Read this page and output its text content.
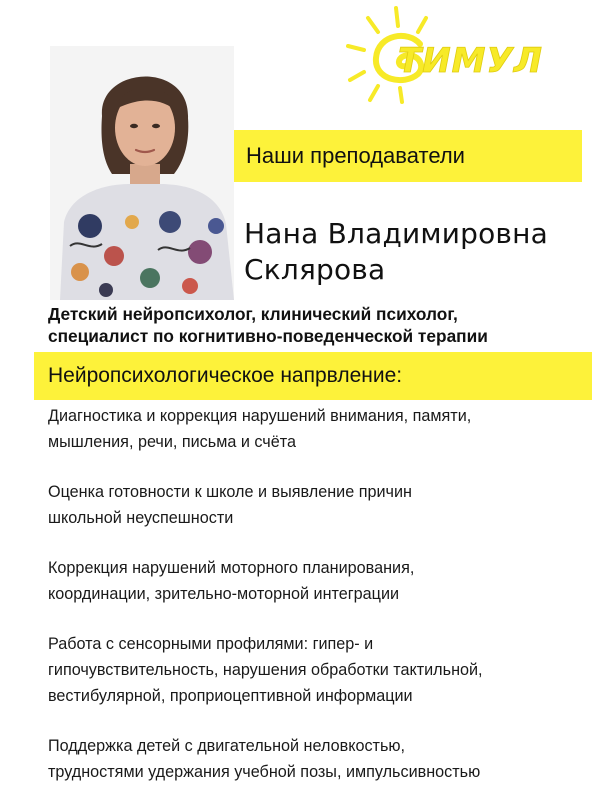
ТИМУЛ
Наши преподаватели
Нана Владимировна
Склярова
Детский нейропсихолог, клинический психолог,
специалист по когнитивно-поведенческой терапии
Нейропсихологическое напрвление:

Диагностика и коррекция нарушений внимания, памяти,
мышления, речи, письма и счёта

Оценка готовности к школе и выявление причин
школьной неуспешности

Коррекция нарушений моторного планирования,
координации, зрительно-моторной интеграции

Работа с сенсорными профилями: гипер- и
гипочувствительность, нарушения обработки тактильной,
вестибулярной, проприоцептивной информации

Поддержка детей с двигательной неловкостью,
трудностями удержания учебной позы, импульсивностью
